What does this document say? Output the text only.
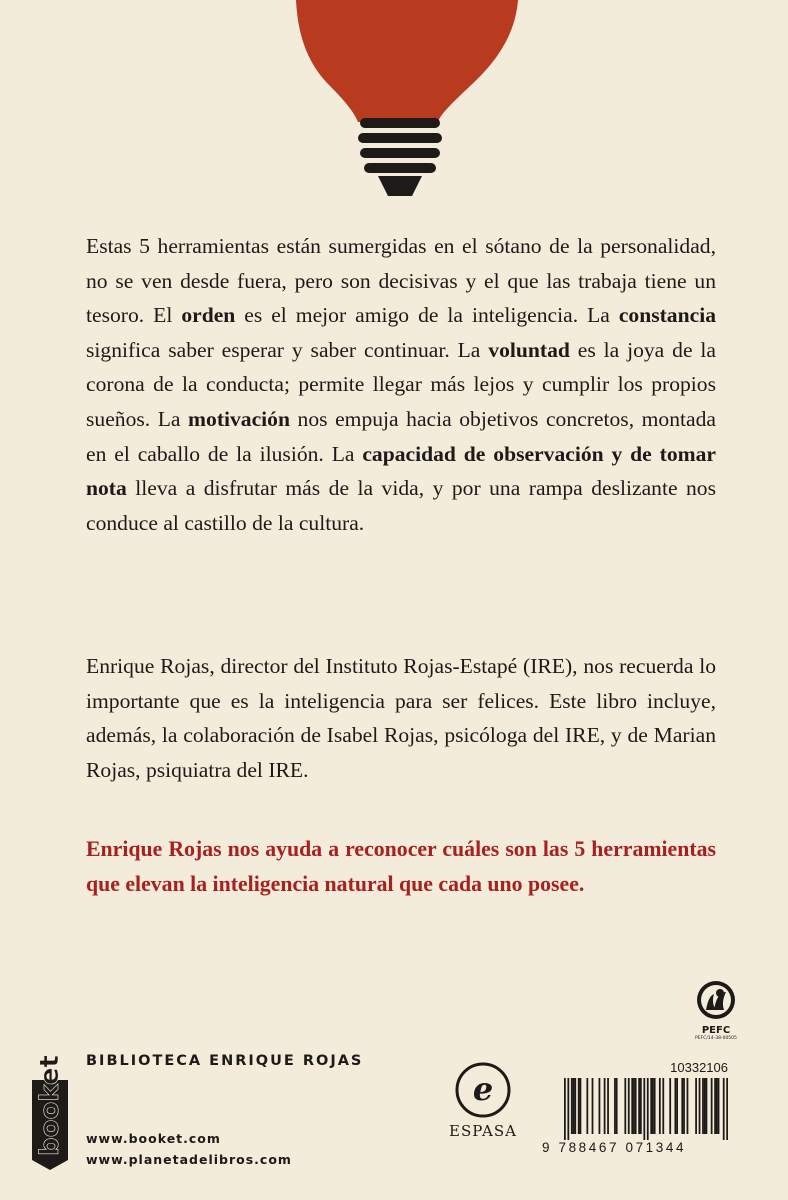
Estas 5 herramientas están sumergidas en el sótano de la personalidad, no se ven desde fuera, pero son decisivas y el que las trabaja tiene un tesoro. El orden es el mejor amigo de la inteligencia. La constancia significa saber esperar y saber continuar. La voluntad es la joya de la corona de la conducta; permite llegar más lejos y cumplir los propios sueños. La motivación nos empuja hacia objetivos concretos, montada en el caballo de la ilusión. La capacidad de observación y de tomar nota lleva a disfrutar más de la vida, y por una rampa deslizante nos conduce al castillo de la cultura.

Enrique Rojas, director del Instituto Rojas-Estapé (IRE), nos recuerda lo importante que es la inteligencia para ser felices. Este libro incluye, además, la colaboración de Isabel Rojas, psicóloga del IRE, y de Marian Rojas, psiquiatra del IRE.

Enrique Rojas nos ayuda a reconocer cuáles son las 5 herramientas que elevan la inteligencia natural que cada uno posee.

PEFC
PEFC/14-38-00505
booket BIBLIOTECA ENRIQUE ROJAS
www.booket.com
www.planetadelibros.com
e
ESPASA
10332106
9 788467 071344
